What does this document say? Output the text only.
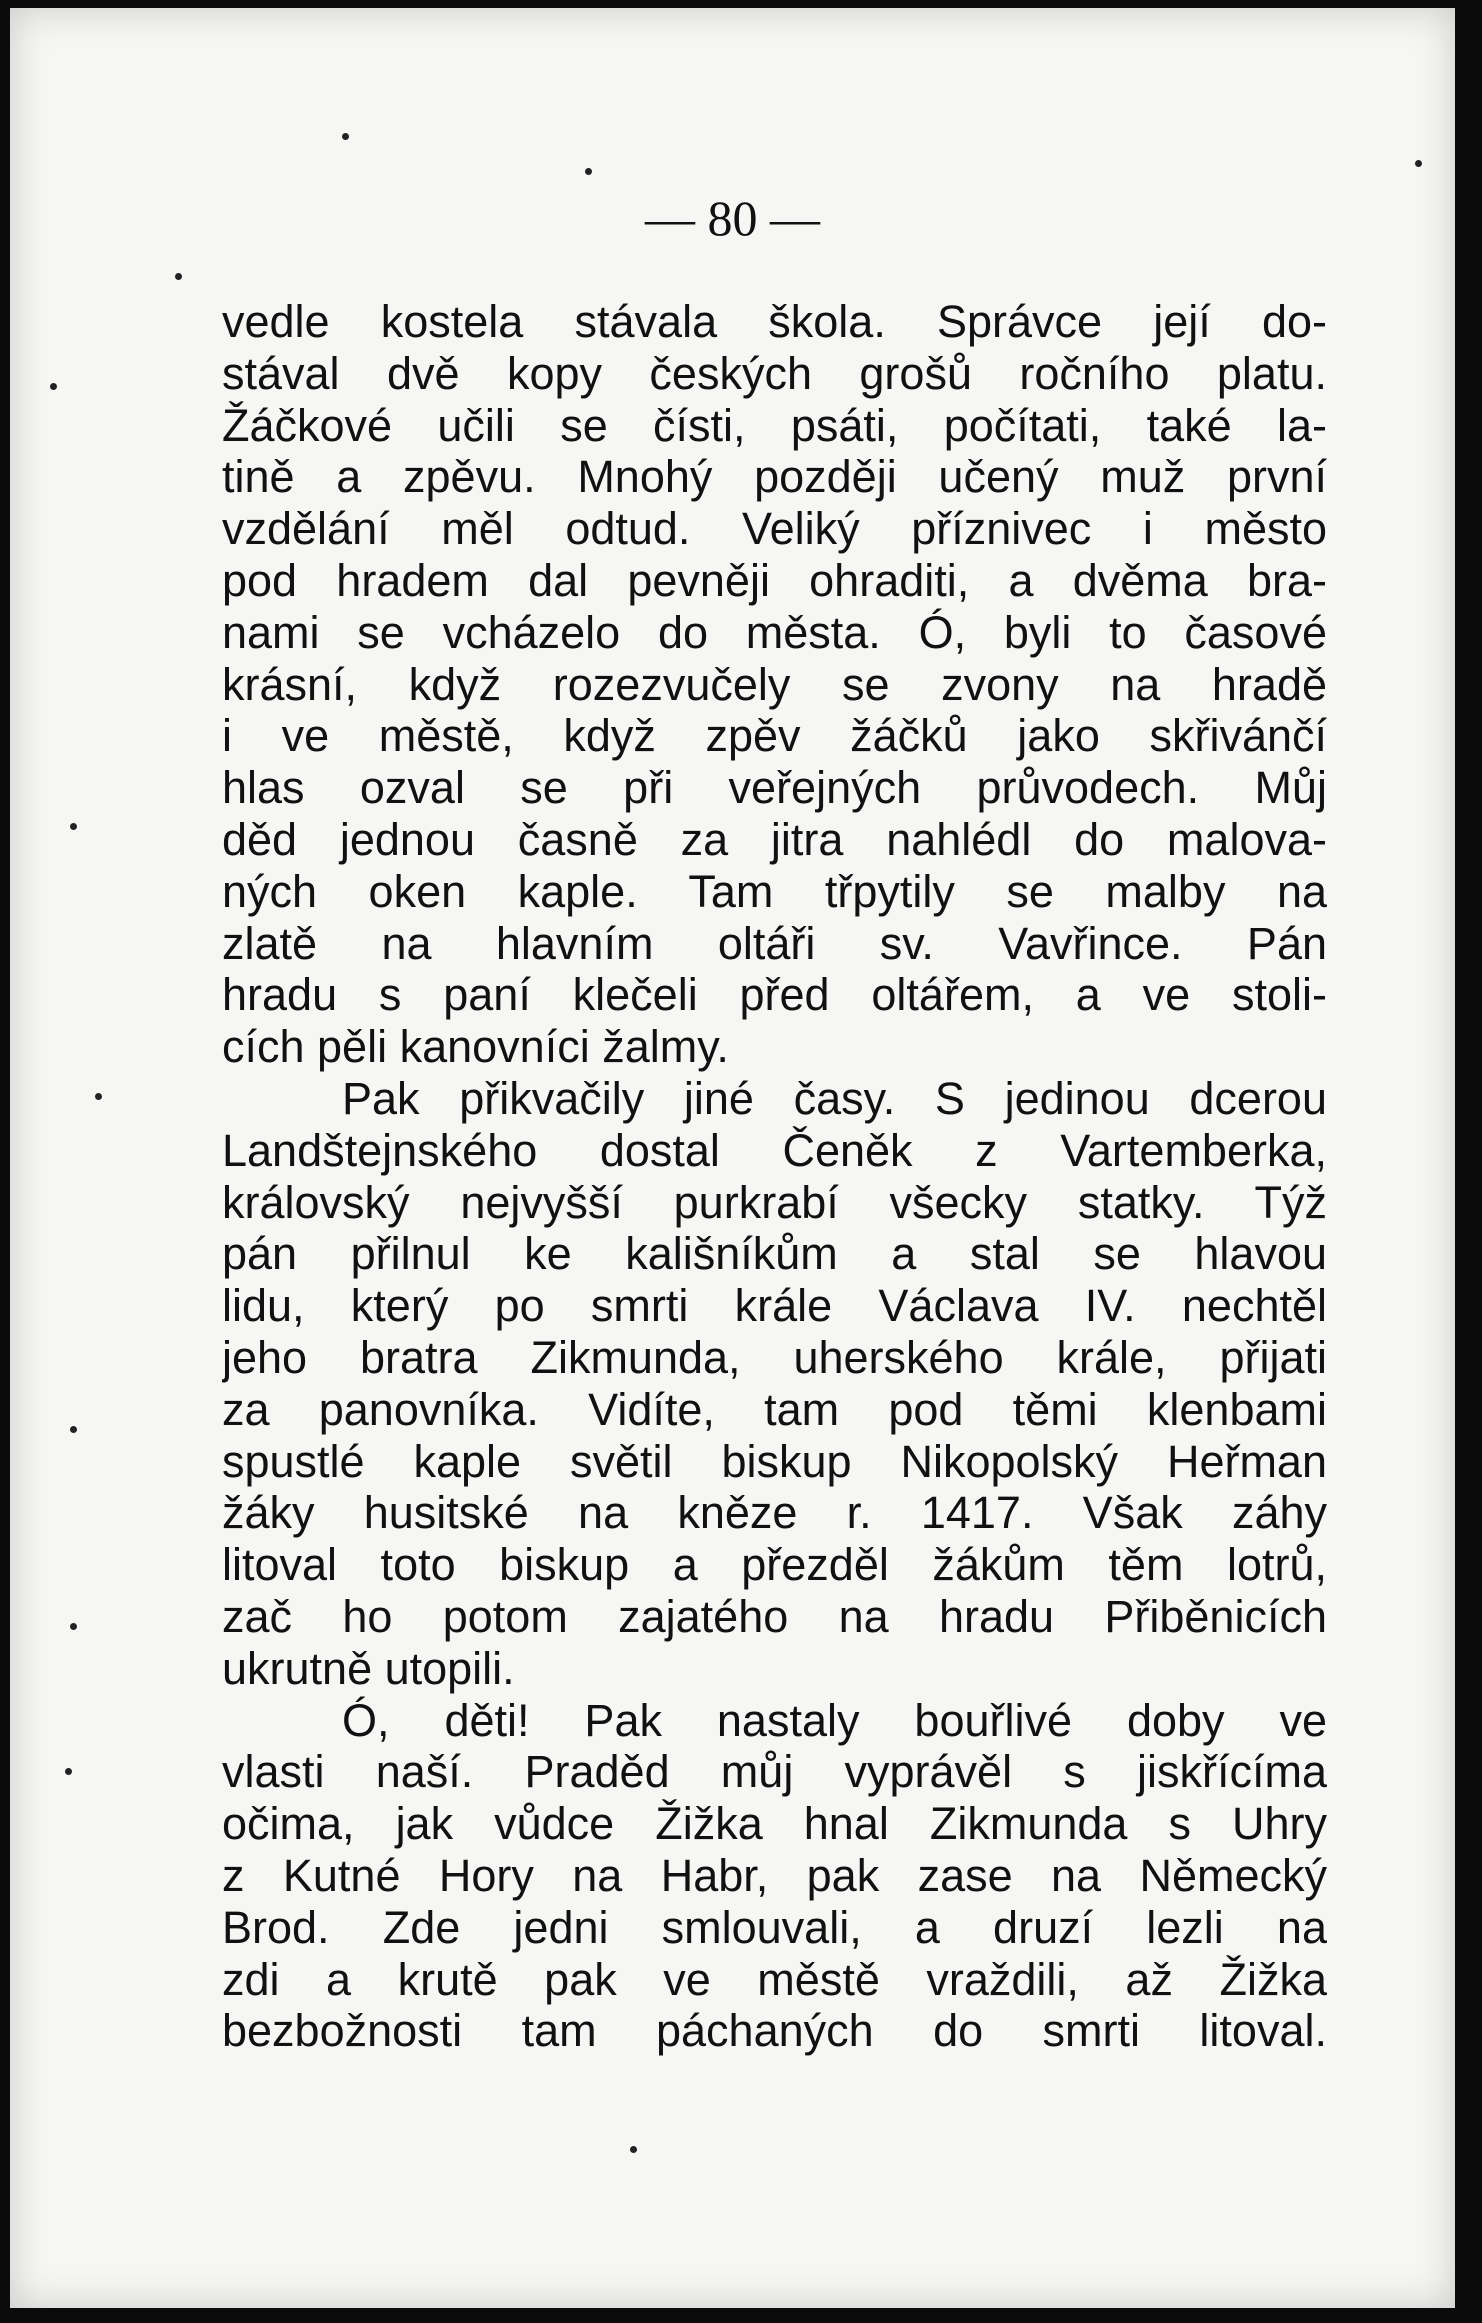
— 80 —

vedle kostela stávala škola. Správce její do-
stával dvě kopy českých grošů ročního platu.
Žáčkové učili se čísti, psáti, počítati, také la-
tině a zpěvu. Mnohý později učený muž první
vzdělání měl odtud. Veliký příznivec i město
pod hradem dal pevněji ohraditi, a dvěma bra-
nami se vcházelo do města. Ó, byli to časové
krásní, když rozezvučely se zvony na hradě
i ve městě, když zpěv žáčků jako skřivánčí
hlas ozval se při veřejných průvodech. Můj
děd jednou časně za jitra nahlédl do malova-
ných oken kaple. Tam třpytily se malby na
zlatě na hlavním oltáři sv. Vavřince. Pán
hradu s paní klečeli před oltářem, a ve stoli-
cích pěli kanovníci žalmy.
Pak přikvačily jiné časy. S jedinou dcerou
Landštejnského dostal Čeněk z Vartemberka,
královský nejvyšší purkrabí všecky statky. Týž
pán přilnul ke kališníkům a stal se hlavou
lidu, který po smrti krále Václava IV. nechtěl
jeho bratra Zikmunda, uherského krále, přijati
za panovníka. Vidíte, tam pod těmi klenbami
spustlé kaple světil biskup Nikopolský Heřman
žáky husitské na kněze r. 1417. Však záhy
litoval toto biskup a přezděl žákům těm lotrů,
zač ho potom zajatého na hradu Přiběnicích
ukrutně utopili.
Ó, děti! Pak nastaly bouřlivé doby ve
vlasti naší. Praděd můj vyprávěl s jiskřícíma
očima, jak vůdce Žižka hnal Zikmunda s Uhry
z Kutné Hory na Habr, pak zase na Německý
Brod. Zde jedni smlouvali, a druzí lezli na
zdi a krutě pak ve městě vraždili, až Žižka
bezbožnosti tam páchaných do smrti litoval.
